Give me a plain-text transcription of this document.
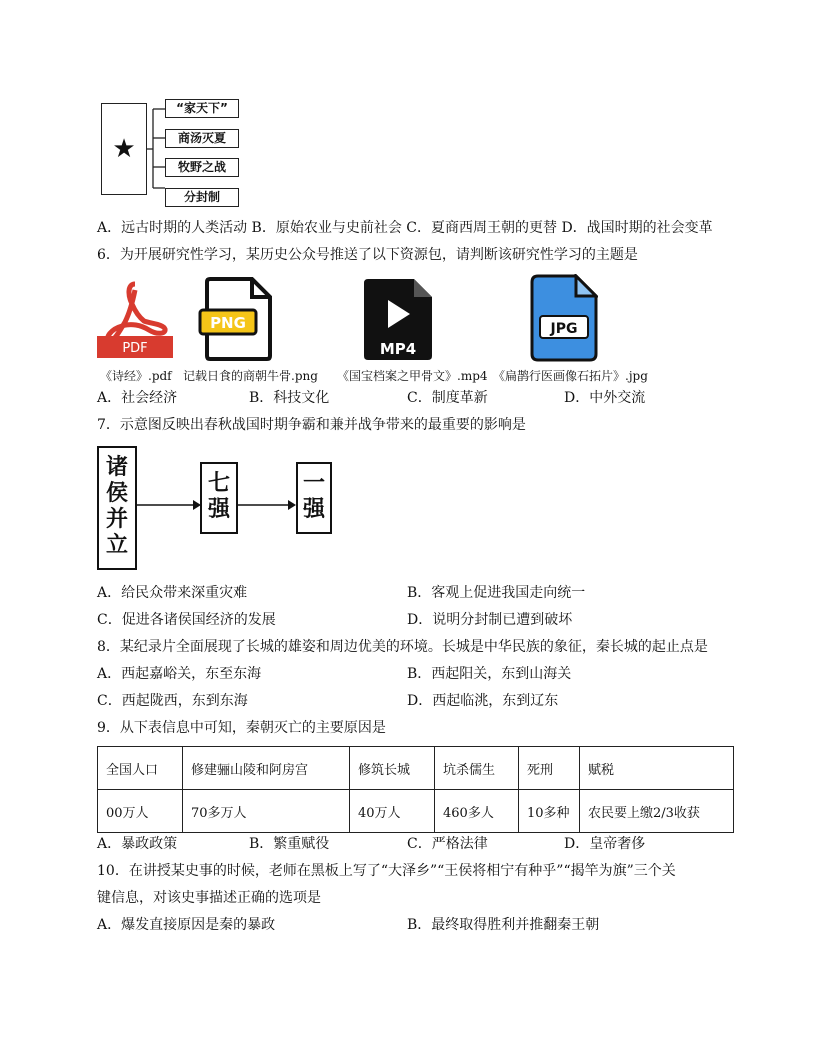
★
“家天下”
商汤灭夏
牧野之战
分封制
A．远古时期的人类活动 B．原始农业与史前社会 C．夏商西周王朝的更替 D．战国时期的社会变革
6．为开展研究性学习，某历史公众号推送了以下资源包，请判断该研究性学习的主题是
PDF
PNG
MP4
JPG
《诗经》.pdf 记载日食的商朝牛骨.png 《国宝档案之甲骨文》.mp4 《扁鹊行医画像石拓片》.jpg
A．社会经济	B．科技文化	C．制度革新	D．中外交流
7．示意图反映出春秋战国时期争霸和兼并战争带来的最重要的影响是
诸侯并立
七强
一强
A．给民众带来深重灾难	B．客观上促进我国走向统一
C．促进各诸侯国经济的发展	D．说明分封制已遭到破坏
8．某纪录片全面展现了长城的雄姿和周边优美的环境。长城是中华民族的象征，秦长城的起止点是
A．西起嘉峪关，东至东海	B．西起阳关，东到山海关
C．西起陇西，东到东海	D．西起临洮，东到辽东
9．从下表信息中可知，秦朝灭亡的主要原因是
全国人口	修建骊山陵和阿房宫	修筑长城	坑杀儒生	死刑	赋税
00万人	70多万人	40万人	460多人	10多种	农民要上缴2/3收获
A．暴政政策	B．繁重赋役	C．严格法律	D．皇帝奢侈
10．在讲授某史事的时候，老师在黑板上写了“大泽乡”“王侯将相宁有种乎”“揭竿为旗”三个关
键信息，对该史事描述正确的选项是
A．爆发直接原因是秦的暴政	B．最终取得胜利并推翻秦王朝
